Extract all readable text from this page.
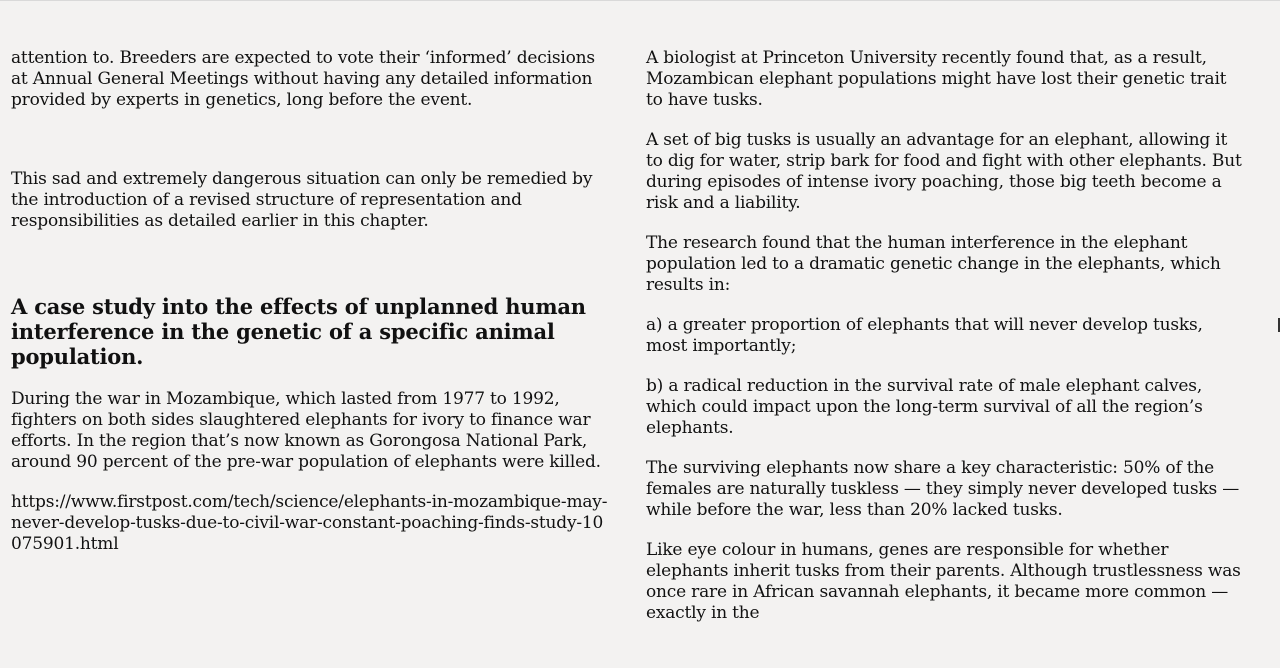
attention to. Breeders are expected to vote their ‘informed’ decisions at Annual General Meetings without having any detailed information provided by experts in genetics, long before the event.

This sad and extremely dangerous situation can only be remedied by the introduction of a revised structure of representation and responsibilities as detailed earlier in this chapter.

A case study into the effects of unplanned human interference in the genetic of a specific animal population.

During the war in Mozambique, which lasted from 1977 to 1992, fighters on both sides slaughtered elephants for ivory to finance war efforts. In the region that’s now known as Gorongosa National Park, around 90 percent of the pre-war population of elephants were killed.

https://www.firstpost.com/tech/science/elephants-in-mozambique-may-never-develop-tusks-due-to-civil-war-constant-poaching-finds-study-10075901.html

A biologist at Princeton University recently found that, as a result, Mozambican elephant populations might have lost their genetic trait to have tusks.

A set of big tusks is usually an advantage for an elephant, allowing it to dig for water, strip bark for food and fight with other elephants. But during episodes of intense ivory poaching, those big teeth become a risk and a liability.

The research found that the human interference in the elephant population led to a dramatic genetic change in the elephants, which results in:

a) a greater proportion of elephants that will never develop tusks, most importantly;

b) a radical reduction in the survival rate of male elephant calves, which could impact upon the long-term survival of all the region’s elephants.

The surviving elephants now share a key characteristic: 50% of the females are naturally tuskless — they simply never developed tusks — while before the war, less than 20% lacked tusks.

Like eye colour in humans, genes are responsible for whether elephants inherit tusks from their parents. Although trustlessness was once rare in African savannah elephants, it became more common — exactly in the
